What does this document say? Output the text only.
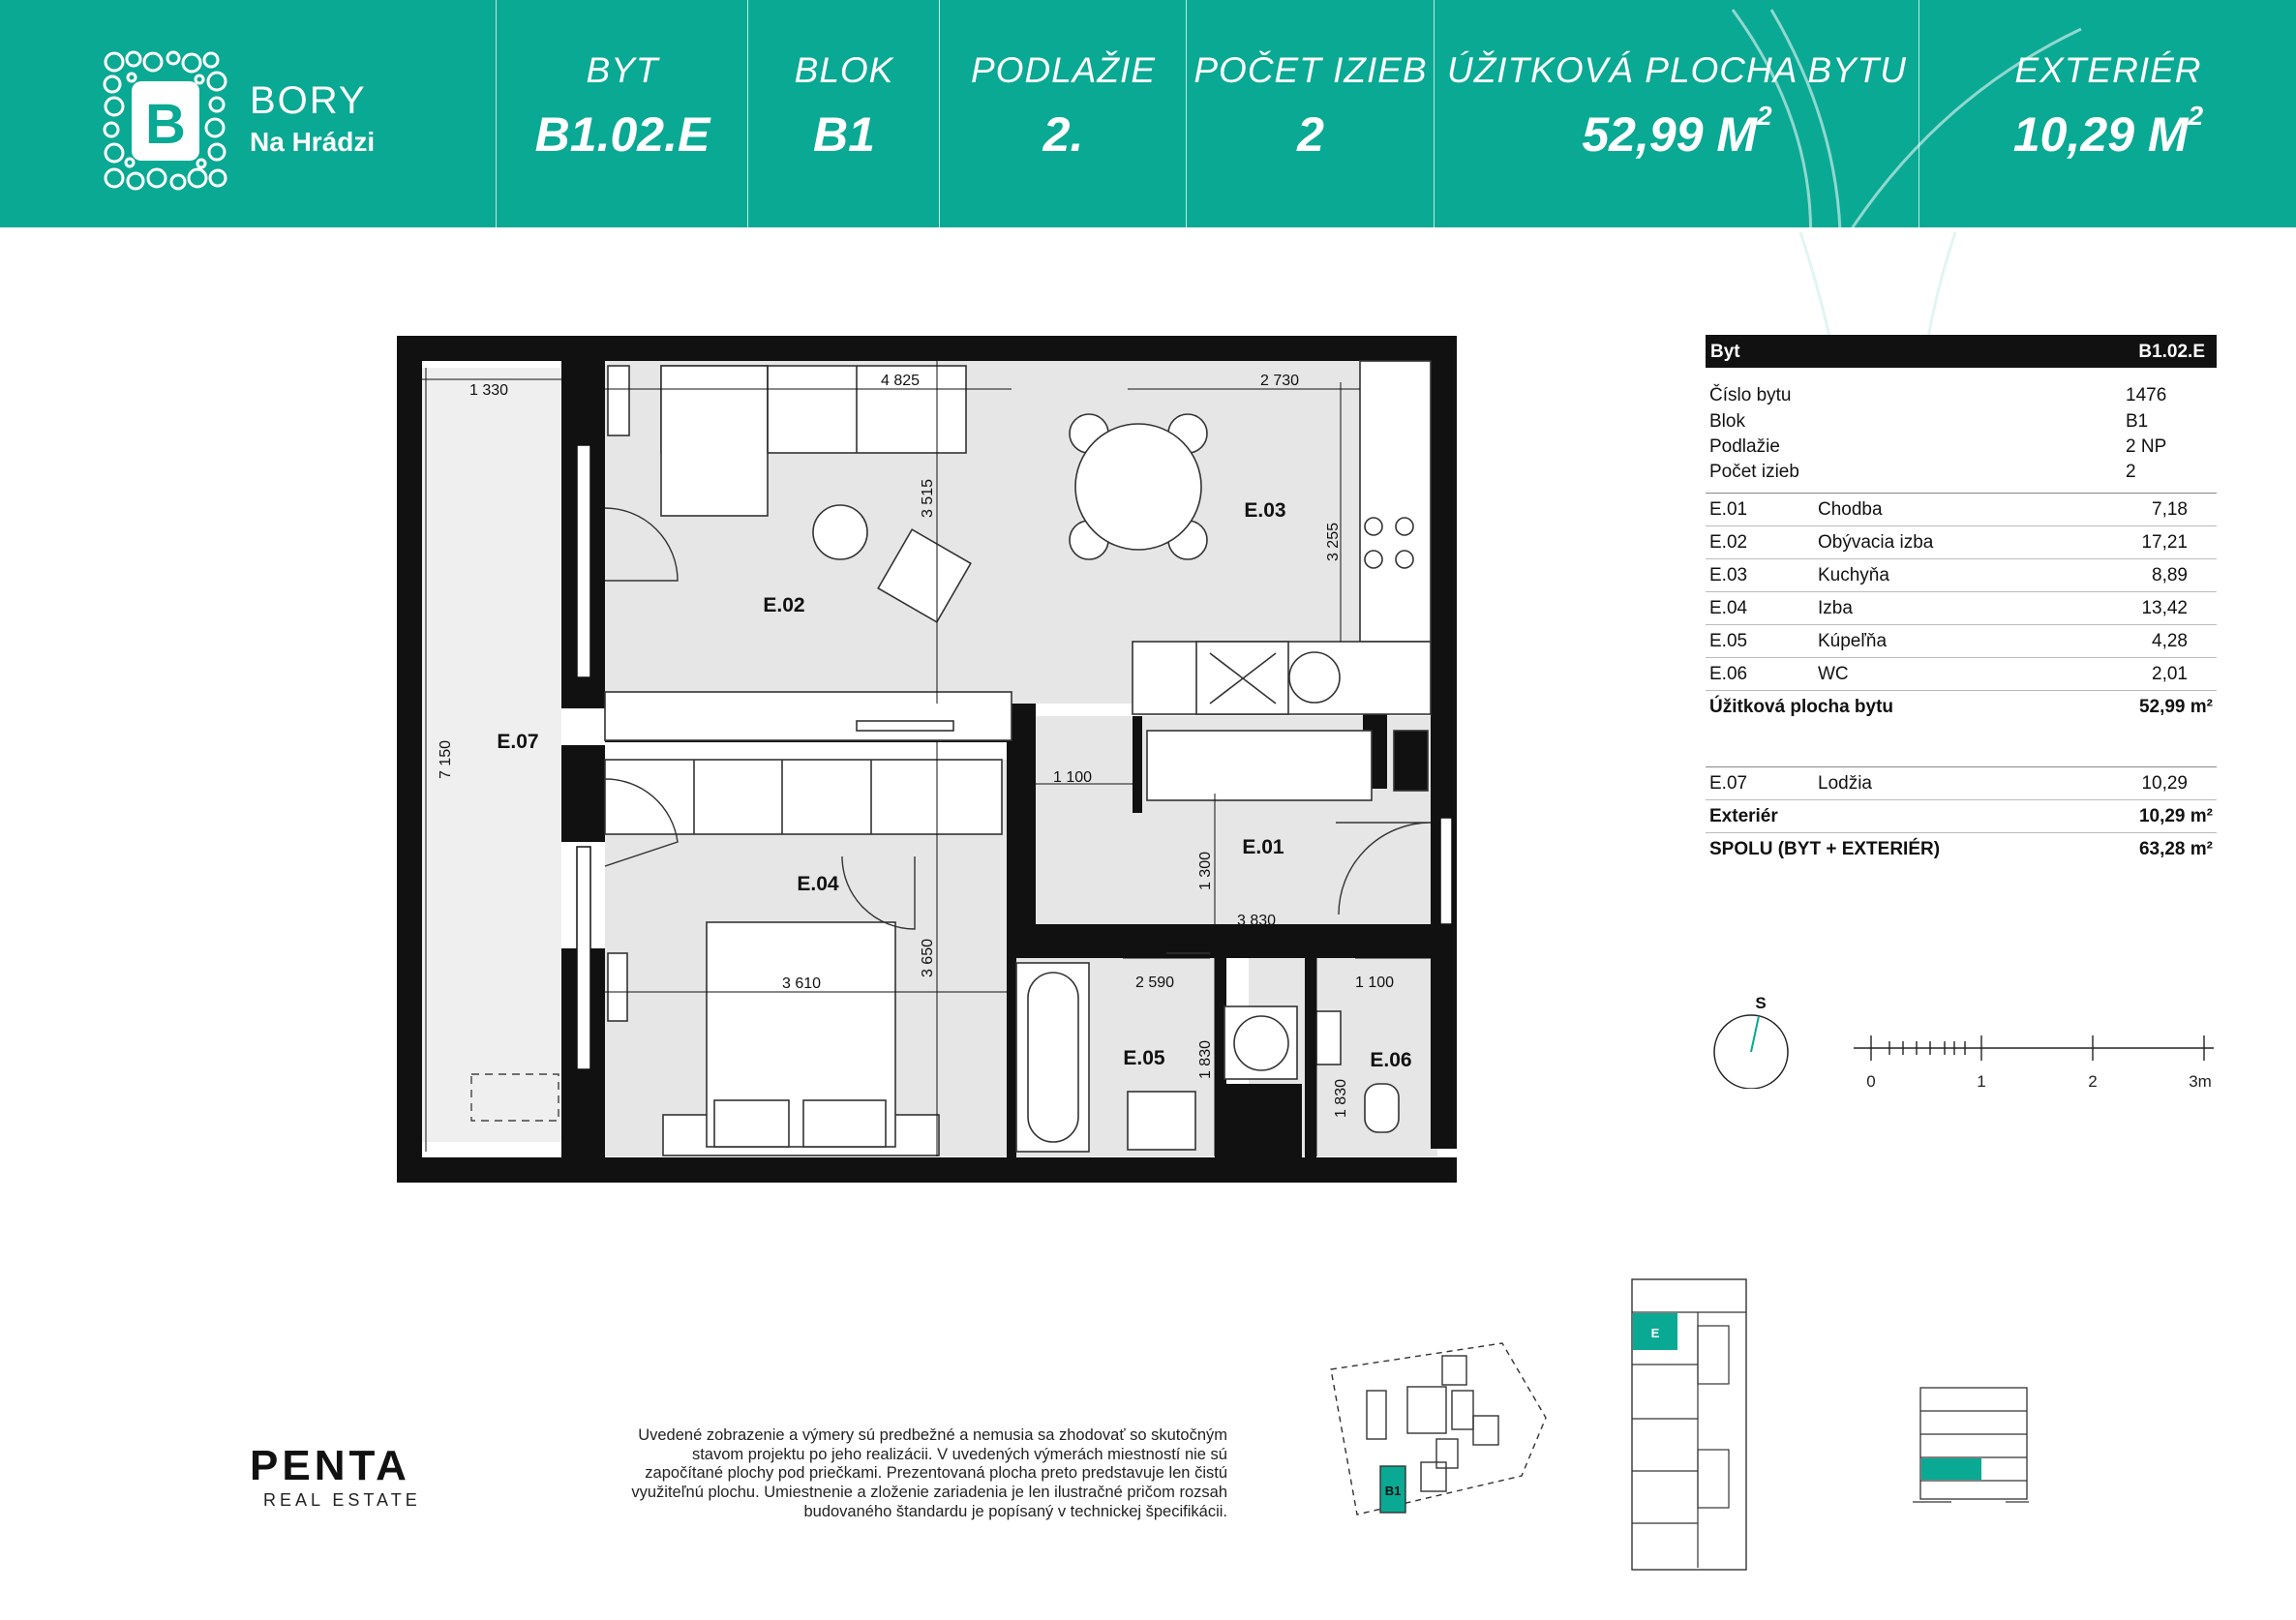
B BORY
Na Hrádzi
BYT
B1.02.E
BLOK
B1
PODLAŽIE
2.
POČET IZIEB
2
ÚŽITKOVÁ PLOCHA BYTU
52,99 $M^2$
EXTERIÉR
10,29 $M^2$
E.03
E.02
E.07
E.01
E.04
E.05	E.06
1 330
4 825	2 730
1 100
3 830
3 610	2 590	1 100
3 515
3 255
7 150
1 300
3 650
1 830
1 830
Byt	B1.02.E
Číslo bytu	1476
Blok	B1
Podlažie	2 NP
Počet izieb	2
E.01	Chodba	7,18
E.02	Obývacia izba	17,21
E.03	Kuchyňa	8,89
E.04	Izba	13,42
E.05	Kúpeľňa	4,28
E.06	WC	2,01
Úžitková plocha bytu	52,99 m²
E.07	Lodžia	10,29
Exteriér	10,29 m²
SPOLU (BYT + EXTERIÉR)	63,28 m²
S
0	1	2	3m
PENTA
REAL ESTATE
Uvedené zobrazenie a výmery sú predbežné a nemusia sa zhodovať so skutočným
stavom projektu po jeho realizácii. V uvedených výmerách miestností nie sú
započítané plochy pod priečkami. Prezentovaná plocha preto predstavuje len čistú
využiteľnú plochu. Umiestnenie a zloženie zariadenia je len ilustračné pričom rozsah
budovaného štandardu je popísaný v technickej špecifikácii.
B1
E
